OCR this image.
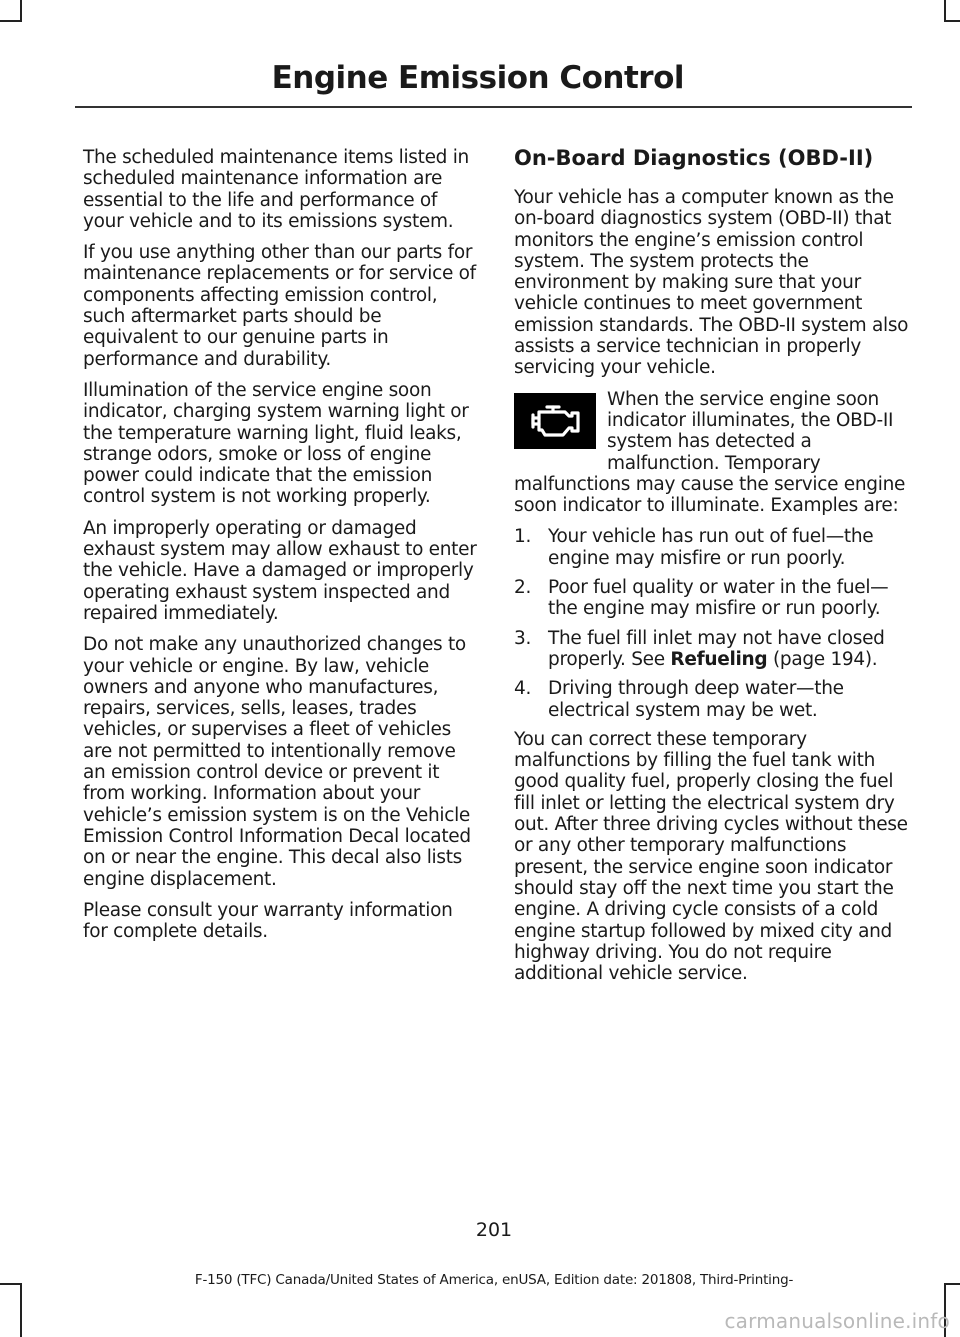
Engine Emission Control

The scheduled maintenance items listed in scheduled maintenance information are essential to the life and performance of your vehicle and to its emissions system.

If you use anything other than our parts for maintenance replacements or for service of components affecting emission control, such aftermarket parts should be equivalent to our genuine parts in performance and durability.

Illumination of the service engine soon indicator, charging system warning light or the temperature warning light, fluid leaks, strange odors, smoke or loss of engine power could indicate that the emission control system is not working properly.

An improperly operating or damaged exhaust system may allow exhaust to enter the vehicle. Have a damaged or improperly operating exhaust system inspected and repaired immediately.

Do not make any unauthorized changes to your vehicle or engine. By law, vehicle owners and anyone who manufactures, repairs, services, sells, leases, trades vehicles, or supervises a fleet of vehicles are not permitted to intentionally remove an emission control device or prevent it from working. Information about your vehicle’s emission system is on the Vehicle Emission Control Information Decal located on or near the engine. This decal also lists engine displacement.

Please consult your warranty information for complete details.

On-Board Diagnostics (OBD-II)

Your vehicle has a computer known as the on-board diagnostics system (OBD-II) that monitors the engine’s emission control system. The system protects the environment by making sure that your vehicle continues to meet government emission standards. The OBD-II system also assists a service technician in properly servicing your vehicle.

When the service engine soon indicator illuminates, the OBD-II system has detected a malfunction. Temporary malfunctions may cause the service engine soon indicator to illuminate. Examples are:
1. Your vehicle has run out of fuel—the engine may misfire or run poorly.
2. Poor fuel quality or water in the fuel—the engine may misfire or run poorly.
3. The fuel fill inlet may not have closed properly. See Refueling (page 194).
4. Driving through deep water—the electrical system may be wet.

You can correct these temporary malfunctions by filling the fuel tank with good quality fuel, properly closing the fuel fill inlet or letting the electrical system dry out. After three driving cycles without these or any other temporary malfunctions present, the service engine soon indicator should stay off the next time you start the engine. A driving cycle consists of a cold engine startup followed by mixed city and highway driving. You do not require additional vehicle service.

201
F-150 (TFC) Canada/United States of America, enUSA, Edition date: 201808, Third-Printing-
carmanualsonline.info
